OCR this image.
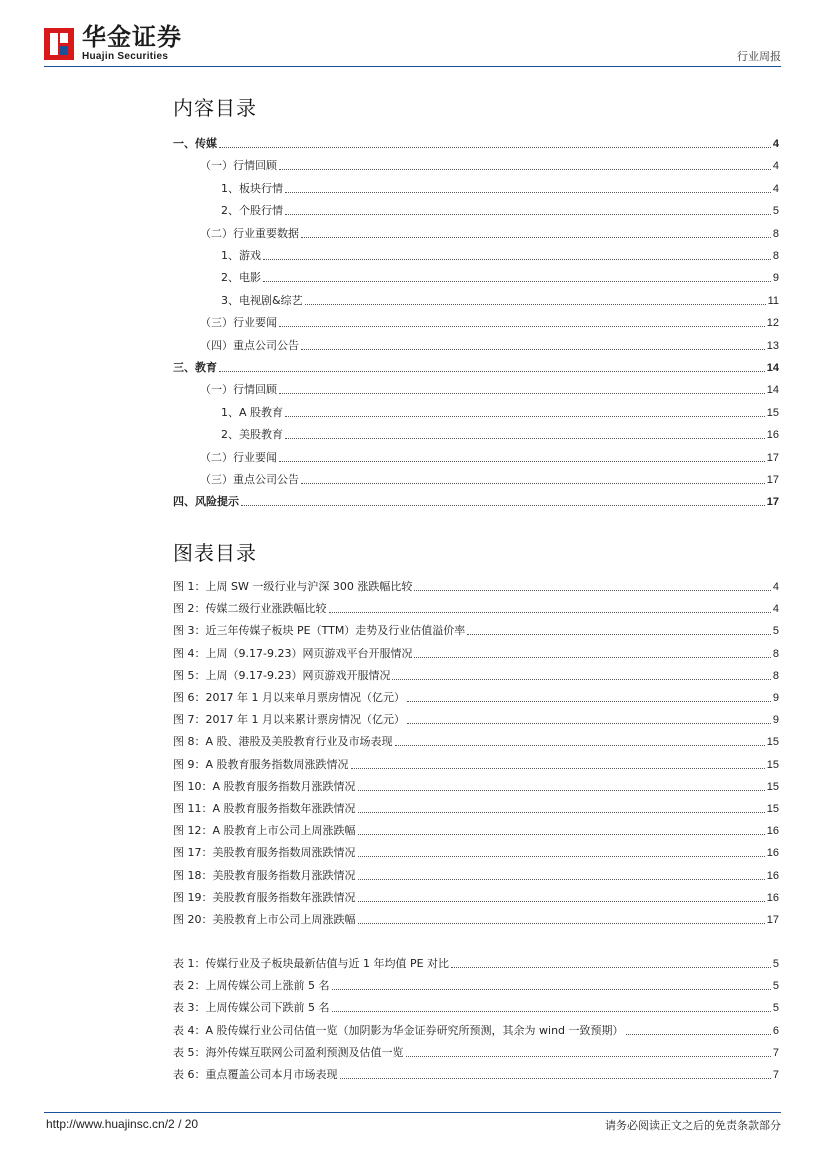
华金证券
Huajin Securities	行业周报
内容目录
一、传媒	4
（一）行情回顾	4
1、板块行情	4
2、个股行情	5
（二）行业重要数据	8
1、游戏	8
2、电影	9
3、电视剧&综艺	11
（三）行业要闻	12
（四）重点公司公告	13
三、教育	14
（一）行情回顾	14
1、A 股教育	15
2、美股教育	16
（二）行业要闻	17
（三）重点公司公告	17
四、风险提示	17
图表目录
图 1：上周 SW 一级行业与沪深 300 涨跌幅比较	4
图 2：传媒二级行业涨跌幅比较	4
图 3：近三年传媒子板块 PE（TTM）走势及行业估值溢价率	5
图 4：上周（9.17-9.23）网页游戏平台开服情况	8
图 5：上周（9.17-9.23）网页游戏开服情况	8
图 6：2017 年 1 月以来单月票房情况（亿元）	9
图 7：2017 年 1 月以来累计票房情况（亿元）	9
图 8：A 股、港股及美股教育行业及市场表现	15
图 9：A 股教育服务指数周涨跌情况	15
图 10：A 股教育服务指数月涨跌情况	15
图 11：A 股教育服务指数年涨跌情况	15
图 12：A 股教育上市公司上周涨跌幅	16
图 17：美股教育服务指数周涨跌情况	16
图 18：美股教育服务指数月涨跌情况	16
图 19：美股教育服务指数年涨跌情况	16
图 20：美股教育上市公司上周涨跌幅	17
表 1：传媒行业及子板块最新估值与近 1 年均值 PE 对比	5
表 2：上周传媒公司上涨前 5 名	5
表 3：上周传媒公司下跌前 5 名	5
表 4：A 股传媒行业公司估值一览（加阴影为华金证券研究所预测，其余为 wind 一致预期）	6
表 5：海外传媒互联网公司盈利预测及估值一览	7
表 6：重点覆盖公司本月市场表现	7
http://www.huajinsc.cn/2 / 20	请务必阅读正文之后的免责条款部分
